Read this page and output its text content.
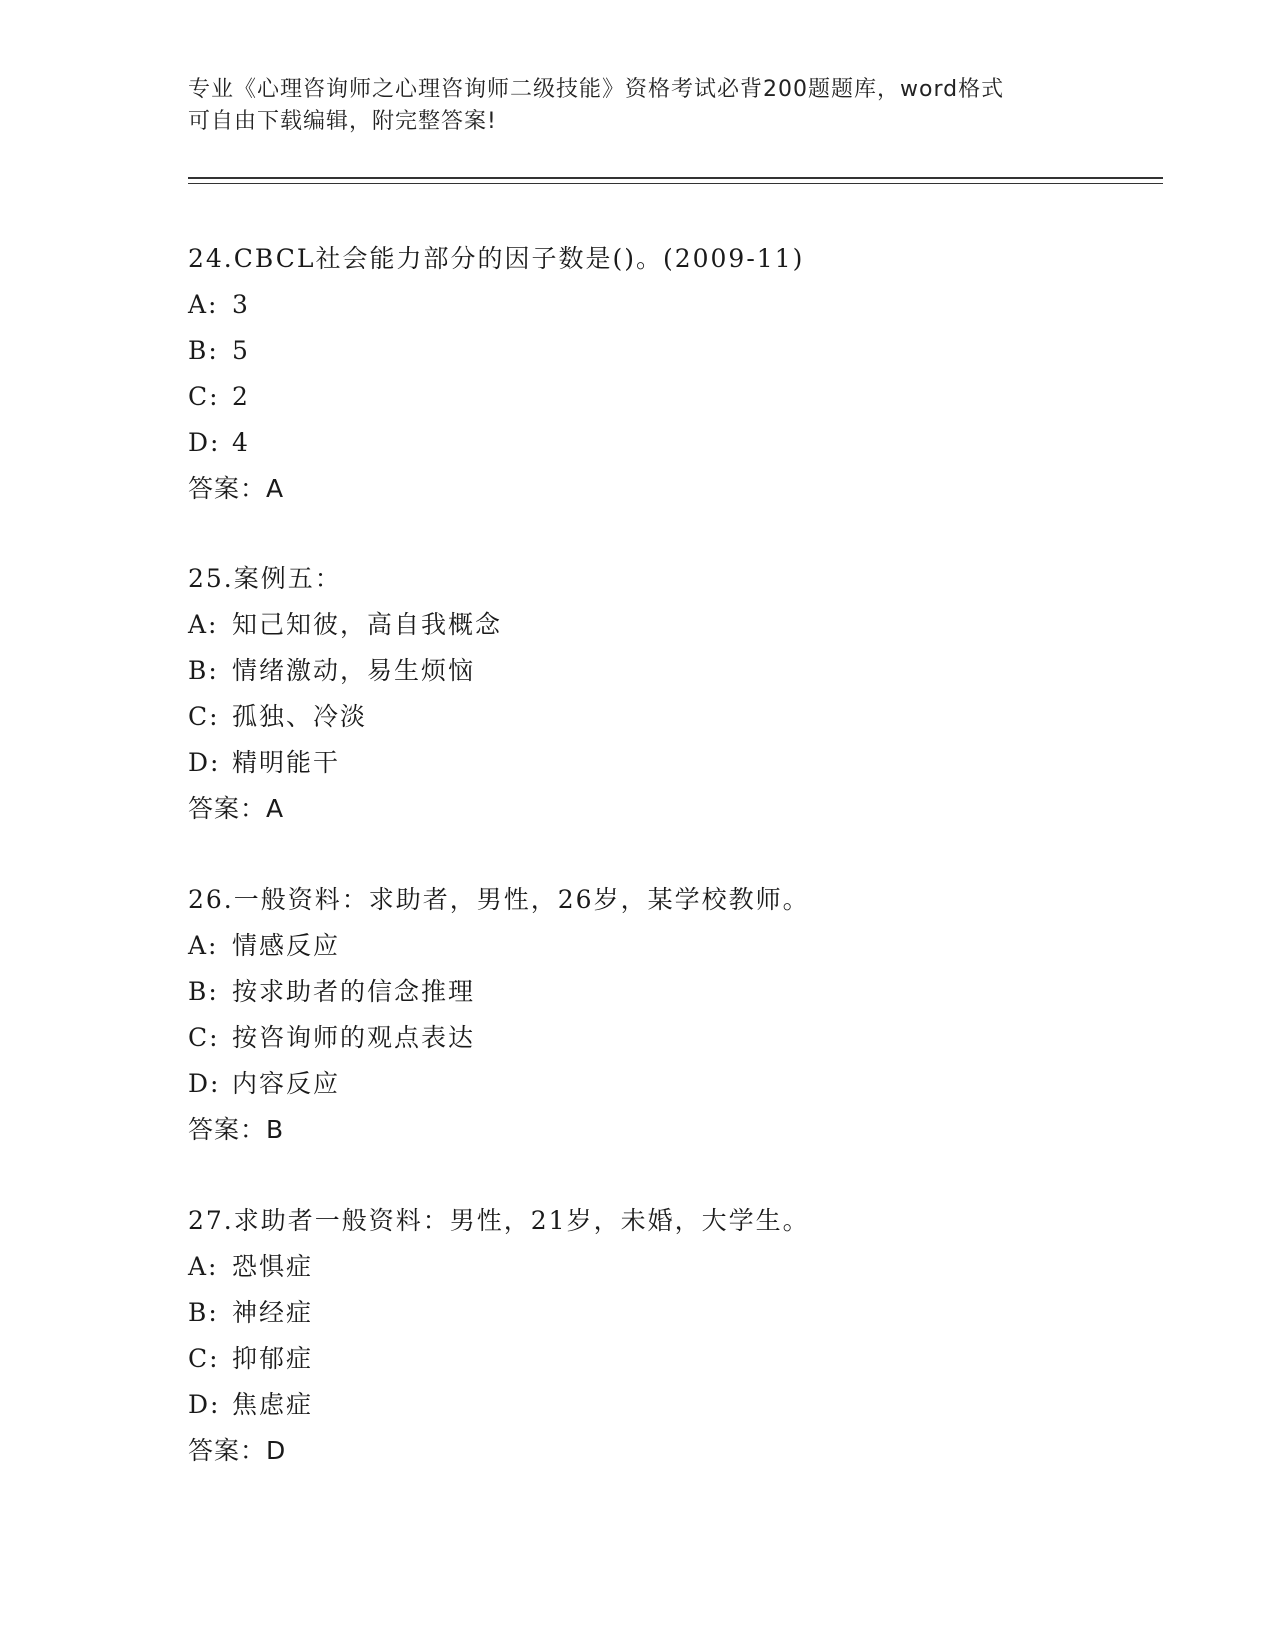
专业《心理咨询师之心理咨询师二级技能》资格考试必背200题题库，word格式
可自由下载编辑，附完整答案!
24.CBCL社会能力部分的因子数是()。(2009-11)
A: 3
B: 5
C: 2
D: 4
答案：A
25.案例五：
A: 知己知彼，高自我概念
B: 情绪激动，易生烦恼
C: 孤独、冷淡
D: 精明能干
答案：A
26.一般资料：求助者，男性，26岁，某学校教师。
A: 情感反应
B: 按求助者的信念推理
C: 按咨询师的观点表达
D: 内容反应
答案：B
27.求助者一般资料：男性，21岁，未婚，大学生。
A: 恐惧症
B: 神经症
C: 抑郁症
D: 焦虑症
答案：D
